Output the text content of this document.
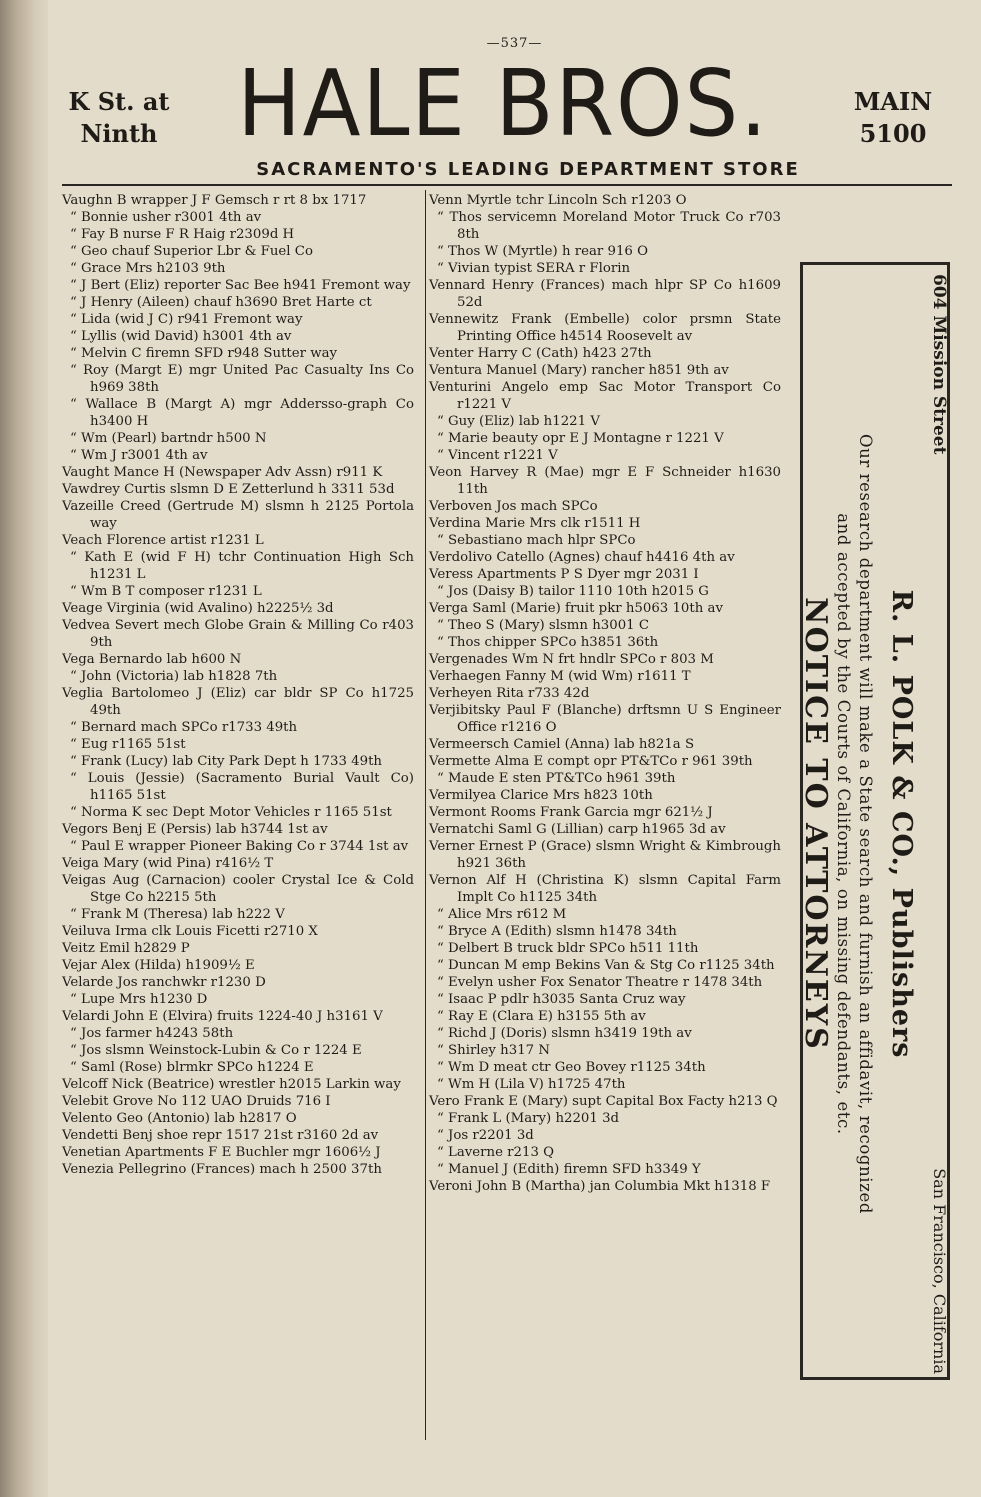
—537—
K St. at
Ninth HALE BROS.	MAIN
5100
SACRAMENTO'S LEADING DEPARTMENT STORE
Vaughn B wrapper J F Gemsch r rt 8 bx 1717
“ Bonnie usher r3001 4th av
“ Fay B nurse F R Haig r2309d H
“ Geo chauf Superior Lbr & Fuel Co
“ Grace Mrs h2103 9th
“ J Bert (Eliz) reporter Sac Bee h941 Fremont way
“ J Henry (Aileen) chauf h3690 Bret Harte ct
“ Lida (wid J C) r941 Fremont way
“ Lyllis (wid David) h3001 4th av
“ Melvin C firemn SFD r948 Sutter way
“ Roy (Margt E) mgr United Pac Casualty Ins Co h969 38th
“ Wallace B (Margt A) mgr Addersso-graph Co h3400 H
“ Wm (Pearl) bartndr h500 N
“ Wm J r3001 4th av
Vaught Mance H (Newspaper Adv Assn) r911 K
Vawdrey Curtis slsmn D E Zetterlund h 3311 53d
Vazeille Creed (Gertrude M) slsmn h 2125 Portola way
Veach Florence artist r1231 L
“ Kath E (wid F H) tchr Continuation High Sch h1231 L
“ Wm B T composer r1231 L
Veage Virginia (wid Avalino) h2225½ 3d
Vedvea Severt mech Globe Grain & Milling Co r403 9th
Vega Bernardo lab h600 N
“ John (Victoria) lab h1828 7th
Veglia Bartolomeo J (Eliz) car bldr SP Co h1725 49th
“ Bernard mach SPCo r1733 49th
“ Eug r1165 51st
“ Frank (Lucy) lab City Park Dept h 1733 49th
“ Louis (Jessie) (Sacramento Burial Vault Co) h1165 51st
“ Norma K sec Dept Motor Vehicles r 1165 51st
Vegors Benj E (Persis) lab h3744 1st av
“ Paul E wrapper Pioneer Baking Co r 3744 1st av
Veiga Mary (wid Pina) r416½ T
Veigas Aug (Carnacion) cooler Crystal Ice & Cold Stge Co h2215 5th
“ Frank M (Theresa) lab h222 V
Veiluva Irma clk Louis Ficetti r2710 X
Veitz Emil h2829 P
Vejar Alex (Hilda) h1909½ E
Velarde Jos ranchwkr r1230 D
“ Lupe Mrs h1230 D
Velardi John E (Elvira) fruits 1224-40 J h3161 V
“ Jos farmer h4243 58th
“ Jos slsmn Weinstock-Lubin & Co r 1224 E
“ Saml (Rose) blrmkr SPCo h1224 E
Velcoff Nick (Beatrice) wrestler h2015 Larkin way
Velebit Grove No 112 UAO Druids 716 I
Velento Geo (Antonio) lab h2817 O
Vendetti Benj shoe repr 1517 21st r3160 2d av
Venetian Apartments F E Buchler mgr 1606½ J
Venezia Pellegrino (Frances) mach h 2500 37th
Venn Myrtle tchr Lincoln Sch r1203 O
“ Thos servicemn Moreland Motor Truck Co r703 8th
“ Thos W (Myrtle) h rear 916 O
“ Vivian typist SERA r Florin
Vennard Henry (Frances) mach hlpr SP Co h1609 52d
Vennewitz Frank (Embelle) color prsmn State Printing Office h4514 Roosevelt av
Venter Harry C (Cath) h423 27th
Ventura Manuel (Mary) rancher h851 9th av
Venturini Angelo emp Sac Motor Transport Co r1221 V
“ Guy (Eliz) lab h1221 V
“ Marie beauty opr E J Montagne r 1221 V
“ Vincent r1221 V
Veon Harvey R (Mae) mgr E F Schneider h1630 11th
Verboven Jos mach SPCo
Verdina Marie Mrs clk r1511 H
“ Sebastiano mach hlpr SPCo
Verdolivo Catello (Agnes) chauf h4416 4th av
Veress Apartments P S Dyer mgr 2031 I
“ Jos (Daisy B) tailor 1110 10th h2015 G
Verga Saml (Marie) fruit pkr h5063 10th av
“ Theo S (Mary) slsmn h3001 C
“ Thos chipper SPCo h3851 36th
Vergenades Wm N frt hndlr SPCo r 803 M
Verhaegen Fanny M (wid Wm) r1611 T
Verheyen Rita r733 42d
Verjibitsky Paul F (Blanche) drftsmn U S Engineer Office r1216 O
Vermeersch Camiel (Anna) lab h821a S
Vermette Alma E compt opr PT&TCo r 961 39th
“ Maude E sten PT&TCo h961 39th
Vermilyea Clarice Mrs h823 10th
Vermont Rooms Frank Garcia mgr 621½ J
Vernatchi Saml G (Lillian) carp h1965 3d av
Verner Ernest P (Grace) slsmn Wright & Kimbrough h921 36th
Vernon Alf H (Christina K) slsmn Capital Farm Implt Co h1125 34th
“ Alice Mrs r612 M
“ Bryce A (Edith) slsmn h1478 34th
“ Delbert B truck bldr SPCo h511 11th
“ Duncan M emp Bekins Van & Stg Co r1125 34th
“ Evelyn usher Fox Senator Theatre r 1478 34th
“ Isaac P pdlr h3035 Santa Cruz way
“ Ray E (Clara E) h3155 5th av
“ Richd J (Doris) slsmn h3419 19th av
“ Shirley h317 N
“ Wm D meat ctr Geo Bovey r1125 34th
“ Wm H (Lila V) h1725 47th
Vero Frank E (Mary) supt Capital Box Facty h213 Q
“ Frank L (Mary) h2201 3d
“ Jos r2201 3d
“ Laverne r213 Q
“ Manuel J (Edith) firemn SFD h3349 Y
Veroni John B (Martha) jan Columbia Mkt h1318 F
604 Mission Street
San Francisco, California
R. L. POLK & CO., Publishers
Our research department will make a State search and furnish an affidavit, recognized
and accepted by the Courts of California, on missing defendants, etc.
NOTICE TO ATTORNEYS
